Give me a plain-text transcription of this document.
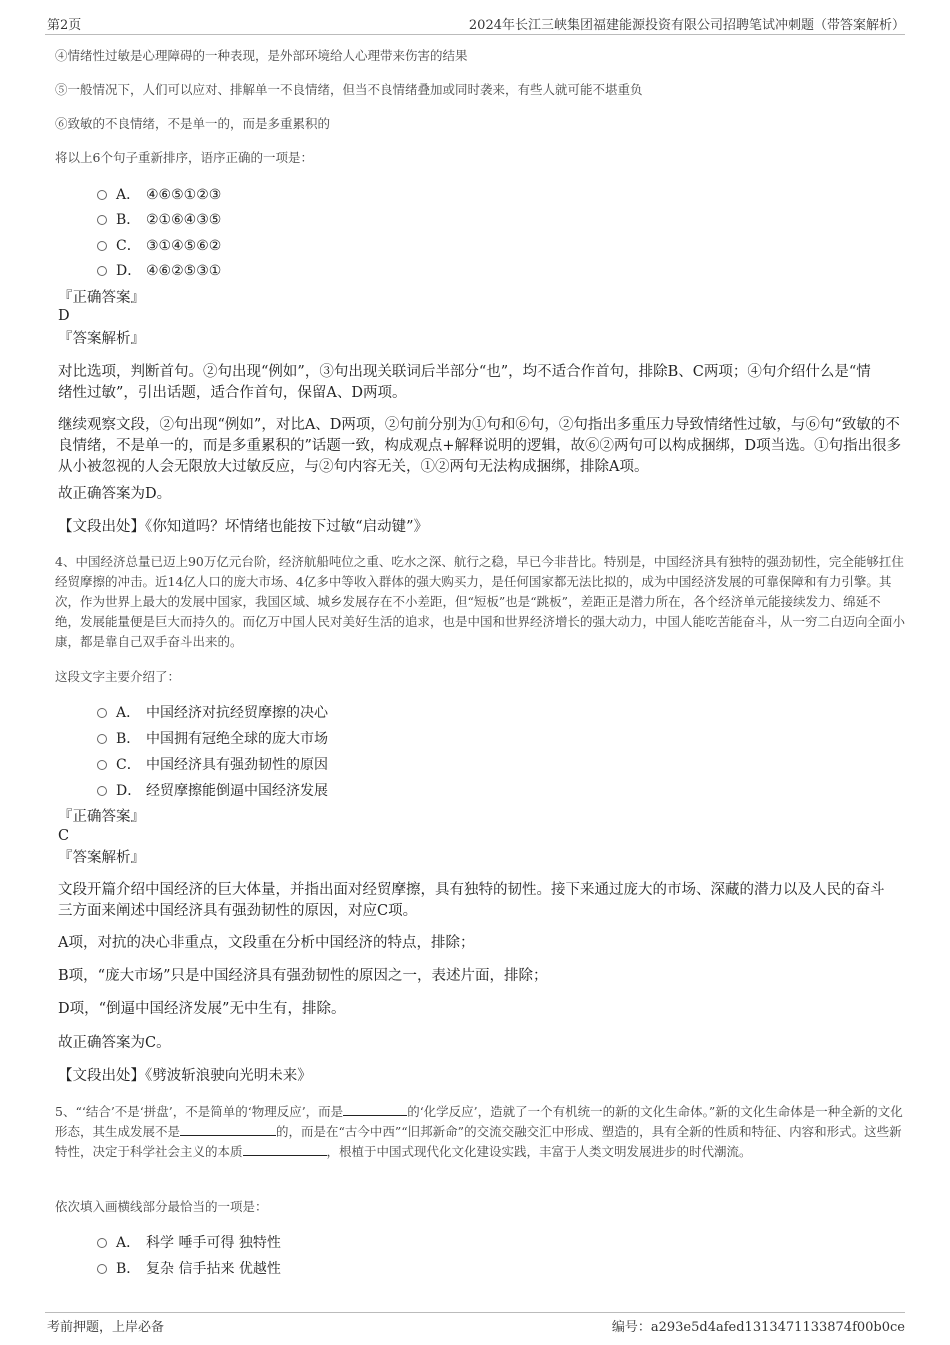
第2页	2024年长江三峡集团福建能源投资有限公司招聘笔试冲刺题（带答案解析）
④情绪性过敏是心理障碍的一种表现，是外部环境给人心理带来伤害的结果
⑤一般情况下，人们可以应对、排解单一不良情绪，但当不良情绪叠加或同时袭来，有些人就可能不堪重负
⑥致敏的不良情绪，不是单一的，而是多重累积的
将以上6个句子重新排序，语序正确的一项是：
A． ④⑥⑤①②③
B． ②①⑥④③⑤
C． ③①④⑤⑥②
D． ④⑥②⑤③①
『正确答案』
D
『答案解析』
对比选项，判断首句。②句出现“例如”，③句出现关联词后半部分“也”，均不适合作首句，排除B、C两项；④句介绍什么是“情绪性过敏”，引出话题，适合作首句，保留A、D两项。
继续观察文段，②句出现“例如”，对比A、D两项，②句前分别为①句和⑥句，②句指出多重压力导致情绪性过敏，与⑥句“致敏的不良情绪，不是单一的，而是多重累积的”话题一致，构成观点+解释说明的逻辑，故⑥②两句可以构成捆绑，D项当选。①句指出很多从小被忽视的人会无限放大过敏反应，与②句内容无关，①②两句无法构成捆绑，排除A项。
故正确答案为D。
【文段出处】《你知道吗？坏情绪也能按下过敏“启动键”》
4、中国经济总量已迈上90万亿元台阶，经济航船吨位之重、吃水之深、航行之稳，早已今非昔比。特别是，中国经济具有独特的强劲韧性，完全能够扛住经贸摩擦的冲击。近14亿人口的庞大市场、4亿多中等收入群体的强大购买力，是任何国家都无法比拟的，成为中国经济发展的可靠保障和有力引擎。其次，作为世界上最大的发展中国家，我国区域、城乡发展存在不小差距，但“短板”也是“跳板”，差距正是潜力所在，各个经济单元能接续发力、绵延不绝，发展能量便是巨大而持久的。而亿万中国人民对美好生活的追求，也是中国和世界经济增长的强大动力，中国人能吃苦能奋斗，从一穷二白迈向全面小康，都是靠自己双手奋斗出来的。
这段文字主要介绍了：
A． 中国经济对抗经贸摩擦的决心
B． 中国拥有冠绝全球的庞大市场
C． 中国经济具有强劲韧性的原因
D． 经贸摩擦能倒逼中国经济发展
『正确答案』
C
『答案解析』
文段开篇介绍中国经济的巨大体量，并指出面对经贸摩擦，具有独特的韧性。接下来通过庞大的市场、深藏的潜力以及人民的奋斗三方面来阐述中国经济具有强劲韧性的原因，对应C项。
A项，对抗的决心非重点，文段重在分析中国经济的特点，排除；
B项，“庞大市场”只是中国经济具有强劲韧性的原因之一，表述片面，排除；
D项，“倒逼中国经济发展”无中生有，排除。
故正确答案为C。
【文段出处】《劈波斩浪驶向光明未来》
5、“‘结合’不是‘拼盘’，不是简单的‘物理反应’，而是	的‘化学反应’，造就了一个有机统一的新的文化生命体。”新的文化生命体是一种全新的文化形态，其生成发展不是	的，而是在“古今中西”“旧邦新命”的交流交融交汇中形成、塑造的，具有全新的性质和特征、内容和形式。这些新特性，决定于科学社会主义的本质	，根植于中国式现代化文化建设实践，丰富于人类文明发展进步的时代潮流。
依次填入画横线部分最恰当的一项是：
A． 科学 唾手可得 独特性
B． 复杂 信手拈来 优越性
考前押题，上岸必备	编号：a293e5d4afed1313471133874f00b0ce
